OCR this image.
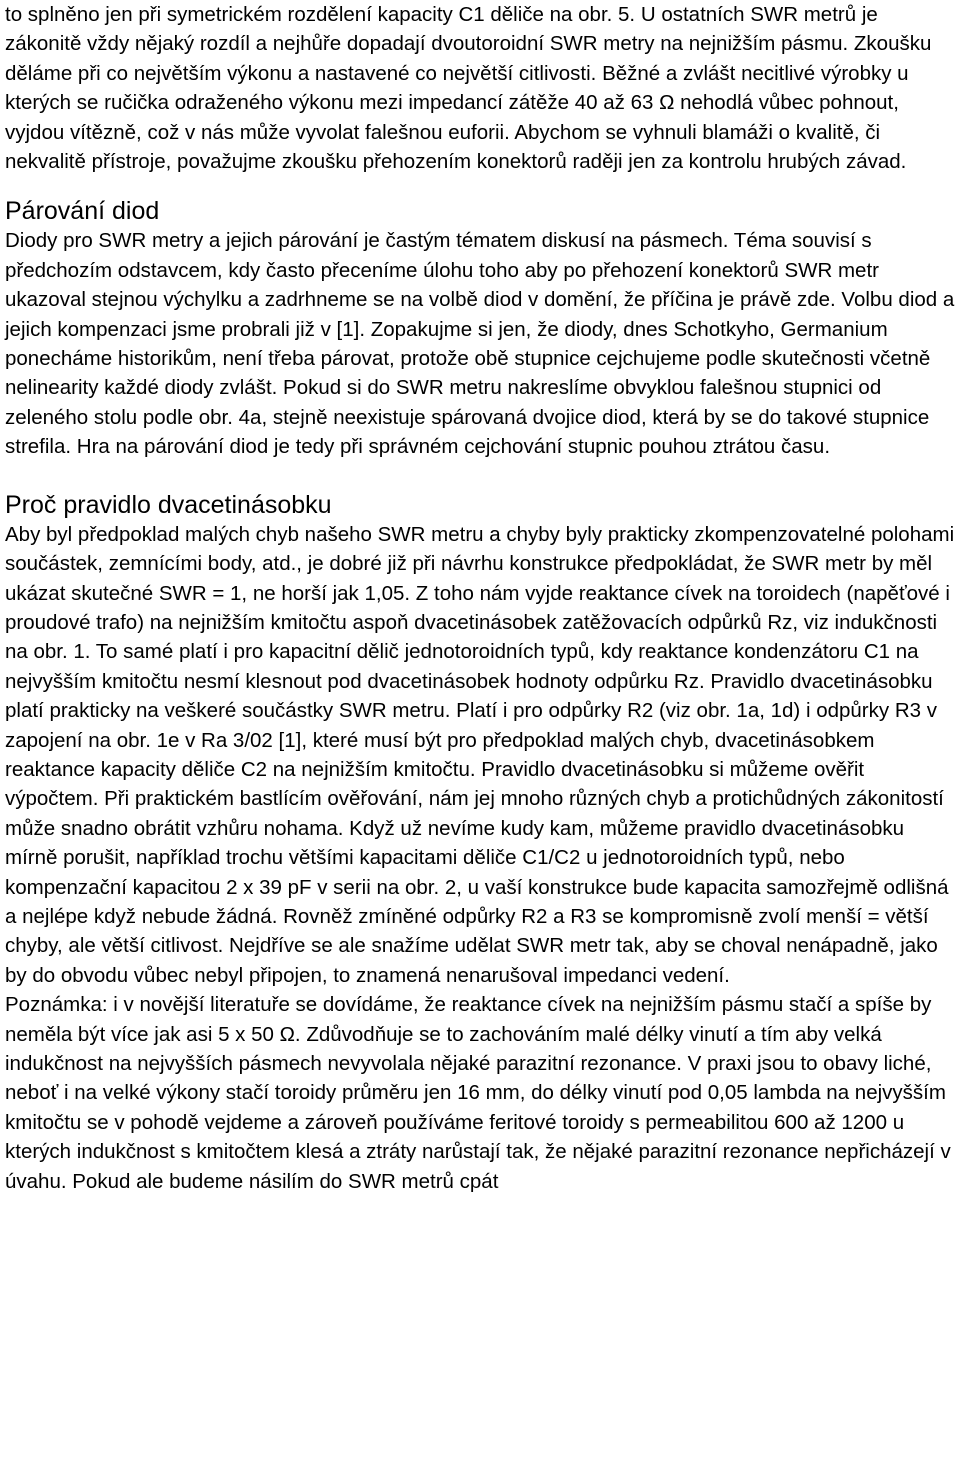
to splněno jen při symetrickém rozdělení kapacity C1 děliče na obr. 5. U ostatních SWR metrů je zákonitě vždy nějaký rozdíl a nejhůře dopadají dvoutoroidní SWR metry na nejnižším pásmu. Zkoušku děláme při co největším výkonu a nastavené co největší citlivosti. Běžné a zvlášt necitlivé výrobky u kterých se ručička odraženého výkonu mezi impedancí zátěže 40 až 63 Ω nehodlá vůbec pohnout, vyjdou vítězně, což v nás může vyvolat falešnou euforii. Abychom se vyhnuli blamáži o kvalitě, či nekvalitě přístroje, považujme zkoušku přehozením konektorů raději jen za kontrolu hrubých závad.

Párování diod

Diody pro SWR metry a jejich párování je častým tématem diskusí na pásmech. Téma souvisí s předchozím odstavcem, kdy často přeceníme úlohu toho aby po přehození konektorů SWR metr ukazoval stejnou výchylku a zadrhneme se na volbě diod v domění, že příčina je právě zde. Volbu diod a jejich kompenzaci jsme probrali již v [1]. Zopakujme si jen, že diody, dnes Schotkyho, Germanium ponecháme historikům, není třeba párovat, protože obě stupnice cejchujeme podle skutečnosti včetně nelinearity každé diody zvlášt. Pokud si do SWR metru nakreslíme obvyklou falešnou stupnici od zeleného stolu podle obr. 4a, stejně neexistuje spárovaná dvojice diod, která by se do takové stupnice strefila. Hra na párování diod je tedy při správném cejchování stupnic pouhou ztrátou času.

Proč pravidlo dvacetinásobku

Aby byl předpoklad malých chyb našeho SWR metru a chyby byly prakticky zkompenzovatelné polohami součástek, zemnícími body, atd., je dobré již při návrhu konstrukce předpokládat, že SWR metr by měl ukázat skutečné SWR = 1, ne horší jak 1,05. Z toho nám vyjde reaktance cívek na toroidech (napěťové i proudové trafo) na nejnižším kmitočtu aspoň dvacetinásobek zatěžovacích odpůrků Rz, viz indukčnosti na obr. 1. To samé platí i pro kapacitní dělič jednotoroidních typů, kdy reaktance kondenzátoru C1 na nejvyšším kmitočtu nesmí klesnout pod dvacetinásobek hodnoty odpůrku Rz. Pravidlo dvacetinásobku platí prakticky na veškeré součástky SWR metru. Platí i pro odpůrky R2 (viz obr. 1a, 1d) i odpůrky R3 v zapojení na obr. 1e v Ra 3/02 [1], které musí být pro předpoklad malých chyb, dvacetinásobkem reaktance kapacity děliče C2 na nejnižším kmitočtu. Pravidlo dvacetinásobku si můžeme ověřit výpočtem. Při praktickém bastlícím ověřování, nám jej mnoho různých chyb a protichůdných zákonitostí může snadno obrátit vzhůru nohama. Když už nevíme kudy kam, můžeme pravidlo dvacetinásobku mírně porušit, například trochu většími kapacitami děliče C1/C2 u jednotoroidních typů, nebo kompenzační kapacitou 2 x 39 pF v serii na obr. 2, u vaší konstrukce bude kapacita samozřejmě odlišná a nejlépe když nebude žádná. Rovněž zmíněné odpůrky R2 a R3 se kompromisně zvolí menší = větší chyby, ale větší citlivost. Nejdříve se ale snažíme udělat SWR metr tak, aby se choval nenápadně, jako by do obvodu vůbec nebyl připojen, to znamená nenarušoval impedanci vedení.

Poznámka: i v novější literatuře se dovídáme, že reaktance cívek na nejnižším pásmu stačí a spíše by neměla být více jak asi 5 x 50 Ω. Zdůvodňuje se to zachováním malé délky vinutí a tím aby velká indukčnost na nejvyšších pásmech nevyvolala nějaké parazitní rezonance. V praxi jsou to obavy liché, neboť i na velké výkony stačí toroidy průměru jen 16 mm, do délky vinutí pod 0,05 lambda na nejvyšším kmitočtu se v pohodě vejdeme a zároveň používáme feritové toroidy s permeabilitou 600 až 1200 u kterých indukčnost s kmitočtem klesá a ztráty narůstají tak, že nějaké parazitní rezonance nepřicházejí v úvahu. Pokud ale budeme násilím do SWR metrů cpát
